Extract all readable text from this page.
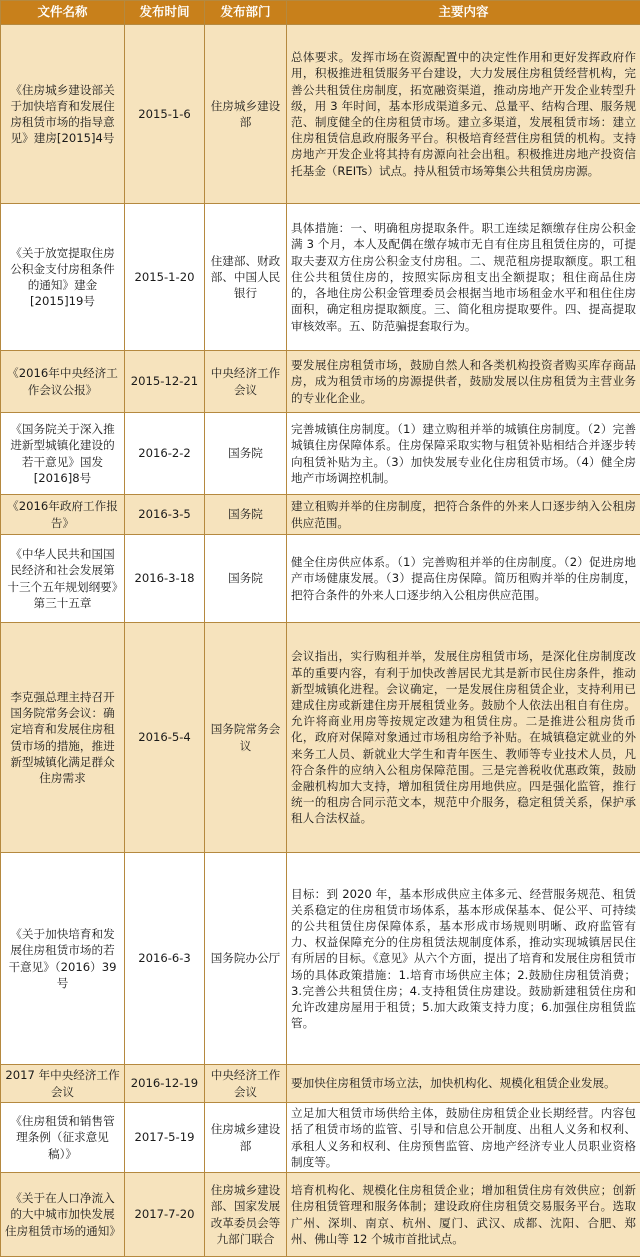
文件名称	发布时间	发布部门	主要内容
《住房城乡建设部关于加快培育和发展住房租赁市场的指导意见》建房[2015]4号	2015-1-6	住房城乡建设部	总体要求。发挥市场在资源配置中的决定性作用和更好发挥政府作用，积极推进租赁服务平台建设，大力发展住房租赁经营机构，完善公共租赁住房制度，拓宽融资渠道，推动房地产开发企业转型升级，用 3 年时间，基本形成渠道多元、总量平、结构合理、服务规范、制度健全的住房租赁市场。建立多渠道，发展租赁市场：建立住房租赁信息政府服务平台。积极培育经营住房租赁的机构。支持房地产开发企业将其持有房源向社会出租。积极推进房地产投资信托基金（REITs）试点。持从租赁市场筹集公共租赁房房源。
《关于放宽提取住房公积金支付房租条件的通知》建金[2015]19号	2015-1-20	住建部、财政部、中国人民银行	具体措施：一、明确租房提取条件。职工连续足额缴存住房公积金满 3 个月，本人及配偶在缴存城市无自有住房且租赁住房的，可提取夫妻双方住房公积金支付房租。二、规范租房提取额度。职工租住公共租赁住房的，按照实际房租支出全额提取；租住商品住房的，各地住房公积金管理委员会根据当地市场租金水平和租住住房面积，确定租房提取额度。三、简化租房提取要件。四、提高提取审核效率。五、防范骗提套取行为。
《2016年中央经济工作会议公报》	2015-12-21	中央经济工作会议	要发展住房租赁市场，鼓励自然人和各类机构投资者购买库存商品房，成为租赁市场的房源提供者，鼓励发展以住房租赁为主营业务的专业化企业。
《国务院关于深入推进新型城镇化建设的若干意见》国发[2016]8号	2016-2-2	国务院	完善城镇住房制度。（1）建立购租并举的城镇住房制度。（2）完善城镇住房保障体系。住房保障采取实物与租赁补贴相结合并逐步转向租赁补贴为主。（3）加快发展专业化住房租赁市场。（4）健全房地产市场调控机制。
《2016年政府工作报告》	2016-3-5	国务院	建立租购并举的住房制度，把符合条件的外来人口逐步纳入公租房供应范围。
《中华人民共和国国民经济和社会发展第十三个五年规划纲要》第三十五章	2016-3-18	国务院	健全住房供应体系。（1）完善购租并举的住房制度。（2）促进房地产市场健康发展。（3）提高住房保障。简历租购并举的住房制度，把符合条件的外来人口逐步纳入公租房供应范围。
李克强总理主持召开国务院常务会议：确定培育和发展住房租赁市场的措施，推进新型城镇化满足群众住房需求	2016-5-4	国务院常务会议	会议指出，实行购租并举，发展住房租赁市场，是深化住房制度改革的重要内容，有利于加快改善居民尤其是新市民住房条件，推动新型城镇化进程。会议确定，一是发展住房租赁企业，支持利用已建成住房或新建住房开展租赁业务。鼓励个人依法出租自有住房。允许将商业用房等按规定改建为租赁住房。二是推进公租房货币化，政府对保障对象通过市场租房给予补贴。在城镇稳定就业的外来务工人员、新就业大学生和青年医生、教师等专业技术人员，凡符合条件的应纳入公租房保障范围。三是完善税收优惠政策，鼓励金融机构加大支持，增加租赁住房用地供应。四是强化监管，推行统一的租房合同示范文本，规范中介服务，稳定租赁关系，保护承租人合法权益。
《关于加快培育和发展住房租赁市场的若干意见》（2016）39号	2016-6-3	国务院办公厅	目标：到 2020 年，基本形成供应主体多元、经营服务规范、租赁关系稳定的住房租赁市场体系，基本形成保基本、促公平、可持续的公共租赁住房保障体系，基本形成市场规则明晰、政府监管有力、权益保障充分的住房租赁法规制度体系，推动实现城镇居民住有所居的目标。《意见》从六个方面，提出了培育和发展住房租赁市场的具体政策措施：1.培育市场供应主体；2.鼓励住房租赁消费；3.完善公共租赁住房；4.支持租赁住房建设。鼓励新建租赁住房和允许改建房屋用于租赁；5.加大政策支持力度；6.加强住房租赁监管。
2017 年中央经济工作会议	2016-12-19	中央经济工作会议	要加快住房租赁市场立法，加快机构化、规模化租赁企业发展。
《住房租赁和销售管理条例（征求意见稿）》	2017-5-19	住房城乡建设部	立足加大租赁市场供给主体，鼓励住房租赁企业长期经营。内容包括了租赁市场的监管、引导和信息公开制度、出租人义务和权利、承租人义务和权利、住房预售监管、房地产经济专业人员职业资格制度等。
《关于在人口净流入的大中城市加快发展住房租赁市场的通知》	2017-7-20	住房城乡建设部、国家发展改革委员会等九部门联合	培育机构化、规模化住房租赁企业；增加租赁住房有效供应；创新住房租赁管理和服务体制；建设政府住房租赁交易服务平台。选取广州、深圳、南京、杭州、厦门、武汉、成都、沈阳、合肥、郑州、佛山等 12 个城市首批试点。
